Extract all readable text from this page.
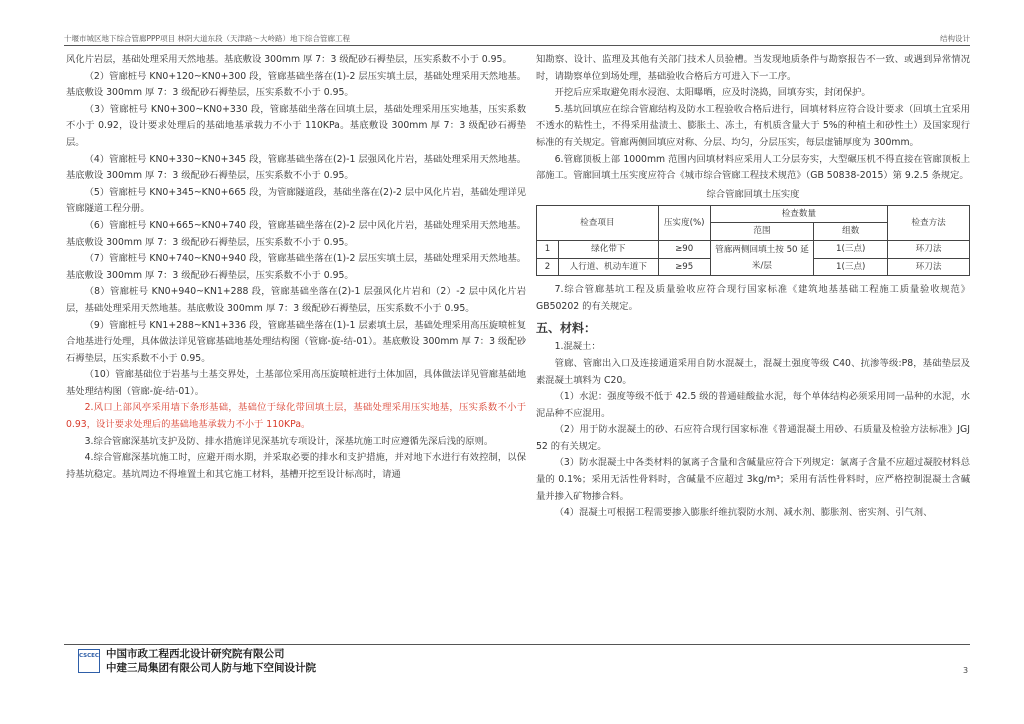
十堰市城区地下综合管廊PPP项目 林阴大道东段（天津路～大岭路）地下综合管廊工程	结构设计

风化片岩层，基础处理采用天然地基。基底敷设 300mm 厚 7：3 级配砂石褥垫层，压实系数不小于 0.95。

（2）管廊桩号 KN0+120~KN0+300 段，管廊基础坐落在(1)-2 层压实填土层，基础处理采用天然地基。基底敷设 300mm 厚 7：3 级配砂石褥垫层，压实系数不小于 0.95。

（3）管廊桩号 KN0+300~KN0+330 段，管廊基础坐落在回填土层，基础处理采用压实地基，压实系数不小于 0.92，设计要求处理后的基础地基承载力不小于 110KPa。基底敷设 300mm 厚 7：3 级配砂石褥垫层。

（4）管廊桩号 KN0+330~KN0+345 段，管廊基础坐落在(2)-1 层强风化片岩，基础处理采用天然地基。基底敷设 300mm 厚 7：3 级配砂石褥垫层，压实系数不小于 0.95。

（5）管廊桩号 KN0+345~KN0+665 段，为管廊隧道段，基础坐落在(2)-2 层中风化片岩，基础处理详见管廊隧道工程分册。

（6）管廊桩号 KN0+665~KN0+740 段，管廊基础坐落在(2)-2 层中风化片岩，基础处理采用天然地基。基底敷设 300mm 厚 7：3 级配砂石褥垫层，压实系数不小于 0.95。

（7）管廊桩号 KN0+740~KN0+940 段，管廊基础坐落在(1)-2 层压实填土层，基础处理采用天然地基。基底敷设 300mm 厚 7：3 级配砂石褥垫层，压实系数不小于 0.95。

（8）管廊桩号 KN0+940~KN1+288 段，管廊基础坐落在(2)-1 层强风化片岩和（2）-2 层中风化片岩层，基础处理采用天然地基。基底敷设 300mm 厚 7：3 级配砂石褥垫层，压实系数不小于 0.95。

（9）管廊桩号 KN1+288~KN1+336 段，管廊基础坐落在(1)-1 层素填土层，基础处理采用高压旋喷桩复合地基进行处理，具体做法详见管廊基础地基处理结构图（管廊-旋-结-01）。基底敷设 300mm 厚 7：3 级配砂石褥垫层，压实系数不小于 0.95。

（10）管廊基础位于岩基与土基交界处，土基部位采用高压旋喷桩进行土体加固，具体做法详见管廊基础地基处理结构图（管廊-旋-结-01）。

2.风口上部风亭采用墙下条形基础，基础位于绿化带回填土层，基础处理采用压实地基，压实系数不小于 0.93，设计要求处理后的基础地基承载力不小于 110KPa。

3.综合管廊深基坑支护及防、排水措施详见深基坑专项设计，深基坑施工时应遵循先深后浅的原则。

4.综合管廊深基坑施工时，应避开雨水期，并采取必要的排水和支护措施，并对地下水进行有效控制，以保持基坑稳定。基坑周边不得堆置土和其它施工材料，基槽开挖至设计标高时，请通

知勘察、设计、监理及其他有关部门技术人员验槽。当发现地质条件与勘察报告不一致、或遇到异常情况时，请勘察单位到场处理，基础验收合格后方可进入下一工序。

开挖后应采取避免雨水浸泡、太阳曝晒，应及时浇捣，回填夯实，封闭保护。

5.基坑回填应在综合管廊结构及防水工程验收合格后进行，回填材料应符合设计要求（回填土宜采用不透水的粘性土，不得采用盐渍土、膨胀土、冻土，有机质含量大于 5%的种植土和砂性土）及国家现行标准的有关规定。管廊两侧回填应对称、分层、均匀，分层压实，每层虚铺厚度为 300mm。

6.管廊顶板上部 1000mm 范围内回填材料应采用人工分层夯实，大型碾压机不得直接在管廊顶板上部施工。管廊回填土压实度应符合《城市综合管廊工程技术规范》（GB 50838-2015）第 9.2.5 条规定。

综合管廊回填土压实度
检查项目		压实度(%)	检查数量		检查方法
			范围	组数	
1	绿化带下	≥90	管廊两侧回填土按 50 延米/层	1(三点)	环刀法
2	人行道、机动车道下	≥95		1(三点)	环刀法

7.综合管廊基坑工程及质量验收应符合现行国家标准《建筑地基基础工程施工质量验收规范》GB50202 的有关规定。

五、材料：

1.混凝土：

管廊、管廊出入口及连接通道采用自防水混凝土，混凝土强度等级 C40、抗渗等级:P8，基础垫层及素混凝土填料为 C20。

（1）水泥：强度等级不低于 42.5 级的普通硅酸盐水泥，每个单体结构必须采用同一品种的水泥，水泥品种不应混用。

（2）用于防水混凝土的砂、石应符合现行国家标准《普通混凝土用砂、石质量及检验方法标准》JGJ 52 的有关规定。

（3）防水混凝土中各类材料的氯离子含量和含碱量应符合下列规定：氯离子含量不应超过凝胶材料总量的 0.1%；采用无活性骨料时，含碱量不应超过 3kg/m³；采用有活性骨料时，应严格控制混凝土含碱量并掺入矿物掺合料。

（4）混凝土可根据工程需要掺入膨胀纤维抗裂防水剂、减水剂、膨胀剂、密实剂、引气剂、

CSCEC 中国市政工程西北设计研究院有限公司
中建三局集团有限公司人防与地下空间设计院	3
